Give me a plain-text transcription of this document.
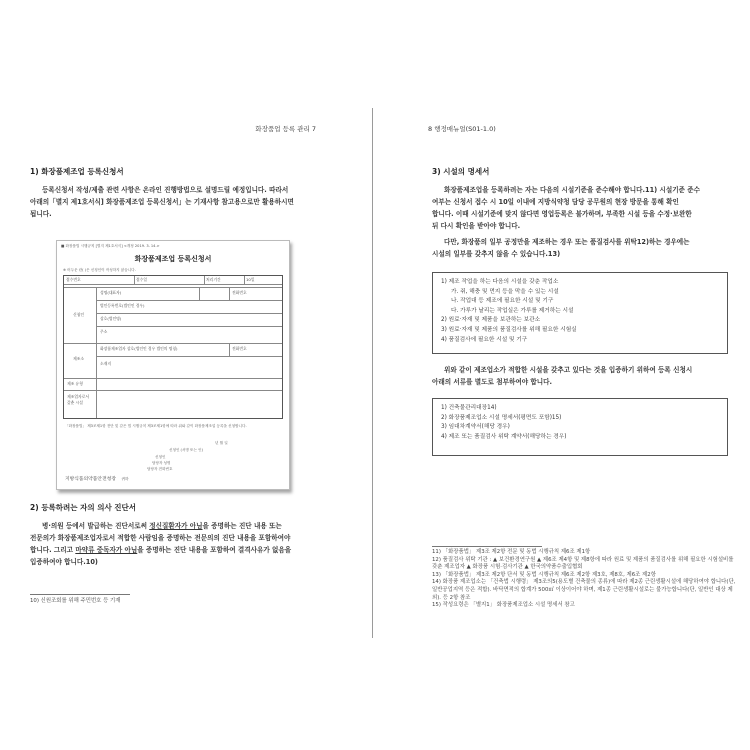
화장품업 등록 관리 7
1) 화장품제조업 등록신청서
등록신청서 작성/제출 관련 사항은 온라인 진행방법으로 설명드릴 예정입니다. 따라서
아래의「별지 제1호서식] 화장품제조업 등록신청서」는 기재사항 참고용으로만 활용하시면
됩니다.
■ 화장품법 시행규칙 [별지 제1호서식] <개정 2019. 3. 14.>
화장품제조업 등록신청서
※ 어두운 란( )은 신청인이 작성하지 않습니다.
접수번호	접수일	처리기간	10일
신청인
성명(대표자)	전화번호
법인등록번호(법인인 경우)
상호(법인명)
주소
제조소
화장품제조업자 상호(법인인 경우 법인의 명칭)	전화번호
소재지
제조 유형
제조업자로서
갖춘 시설
「화장품법」 제3조제1항 전단 및 같은 법 시행규칙 제3조제1항에 따라 위와 같이 화장품제조업 등록을 신청합니다.
년 월 일
신청인 (서명 또는 인)
신청인
담당자 성명
담당자 전화번호
지방식품의약품안전청장 귀하
2) 등록하려는 자의 의사 진단서
병·의원 등에서 발급하는 진단서로써 정신질환자가 아님을 증명하는 진단 내용 또는
전문의가 화장품제조업자로서 적합한 사람임을 증명하는 전문의의 진단 내용을 포함하여야
합니다. 그리고 마약류 중독자가 아님을 증명하는 진단 내용을 포함하여 결격사유가 없음을
입증하여야 합니다.10)
10) 신원조회를 위해 주민번호 등 기재
8 행정매뉴얼(S01-1.0)
3) 시설의 명세서
화장품제조업을 등록하려는 자는 다음의 시설기준을 준수해야 합니다.11) 시설기준 준수
여부는 신청서 접수 시 10일 이내에 지방식약청 담당 공무원의 현장 방문을 통해 확인
합니다. 이때 시설기준에 맞지 않다면 영업등록은 불가하며, 부족한 시설 등을 수정·보완한
뒤 다시 확인을 받아야 합니다.
다만, 화장품의 일부 공정만을 제조하는 경우 또는 품질검사를 위탁12)하는 경우에는
시설의 일부를 갖추지 않을 수 있습니다.13)
1) 제조 작업을 하는 다음의 시설을 갖춘 작업소
가. 쥐, 해충 및 먼지 등을 막을 수 있는 시설
나. 작업대 등 제조에 필요한 시설 및 기구
다. 가루가 날리는 작업실은 가루를 제거하는 시설
2) 원료·자재 및 제품을 보관하는 보관소
3) 원료·자재 및 제품의 품질검사를 위해 필요한 시험실
4) 품질검사에 필요한 시설 및 기구
위와 같이 제조업소가 적합한 시설을 갖추고 있다는 것을 입증하기 위하여 등록 신청시
아래의 서류를 별도로 첨부하여야 합니다.
1) 건축물관리대장14)
2) 화장품제조업소 시설 명세서(평면도 포함)15)
3) 임대차계약서(해당 경우)
4) 제조 또는 품질검사 위탁 계약서(해당하는 경우)
11) 「화장품법」 제3조 제2항 전문 및 동법 시행규칙 제6조 제1항
12) 품질검사 위탁 기관 : ▲ 보건환경연구원 ▲ 제6조 제4항 및 제8항에 따라 원료 및 제품의 품질검사를 위해 필요한 시험설비를 갖춘 제조업자 ▲ 화장품 시험·검사기관 ▲ 한국의약품수출입협회
13) 「화장품법」 제3조 제2항 단서 및 동법 시행규칙 제6조 제2항 제3호, 제8호, 제6조 제2항
14) 화장품 제조업소는 「건축법 시행령」 제3조의5(용도별 건축물의 종류)에 따라 제2종 근린생활시설에 해당하여야 합니다(단, 일반공업지역 등은 적합). 바닥면적의 합계가 500㎡ 이상이어야 하며, 제1종 근린생활시설로는 불가능합니다(단, 일반인 대상 제외). 등 2항 참조
15) 작성요령은 「별지1」 화장품제조업소 시설 명세서 참고
